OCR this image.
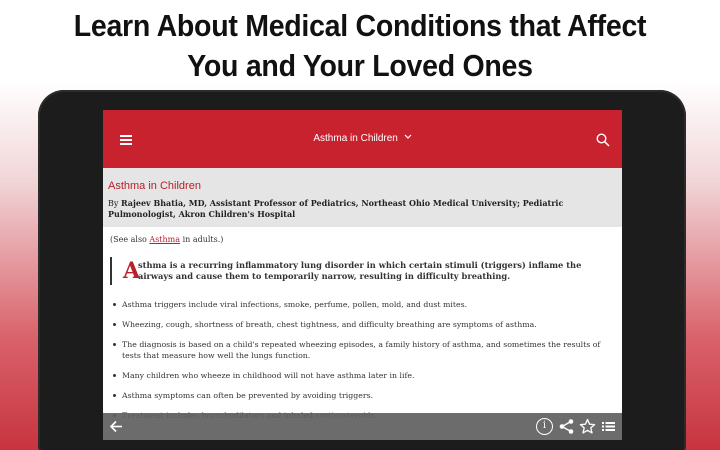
Learn About Medical Conditions that Affect
You and Your Loved Ones
Asthma in Children
Asthma in Children
By Rajeev Bhatia, MD, Assistant Professor of Pediatrics, Northeast Ohio Medical University; Pediatric Pulmonologist, Akron Children's Hospital
(See also Asthma in adults.)
A
sthma is a recurring inflammatory lung disorder in which certain stimuli (triggers) inflame the airways and cause them to temporarily narrow, resulting in difficulty breathing.
Asthma triggers include viral infections, smoke, perfume, pollen, mold, and dust mites.
Wheezing, cough, shortness of breath, chest tightness, and difficulty breathing are symptoms of asthma.
The diagnosis is based on a child's repeated wheezing episodes, a family history of asthma, and sometimes the results of tests that measure how well the lungs function.
Many children who wheeze in childhood will not have asthma later in life.
Asthma symptoms can often be prevented by avoiding triggers.
i
